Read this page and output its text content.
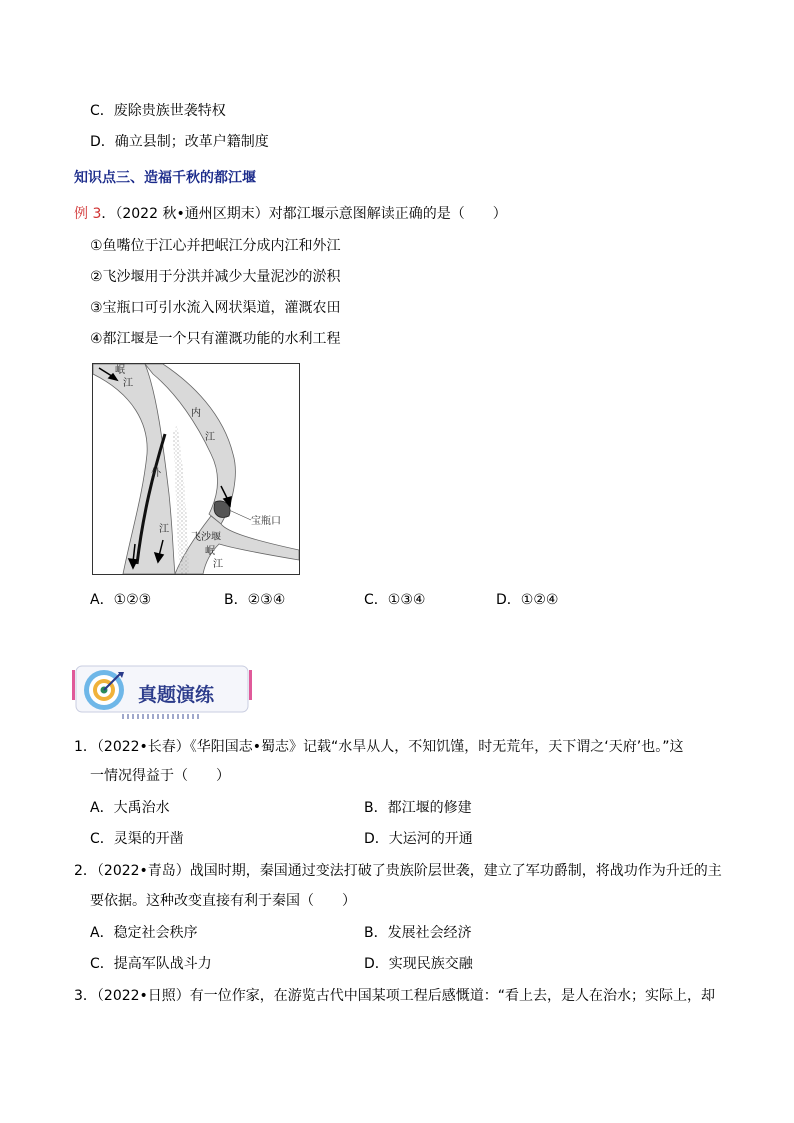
C．废除贵族世袭特权
D．确立县制；改革户籍制度
知识点三、造福千秋的都江堰
例 3．（2022 秋•通州区期末）对都江堰示意图解读正确的是（　　）
①鱼嘴位于江心并把岷江分成内江和外江
②飞沙堰用于分洪并减少大量泥沙的淤积
③宝瓶口可引水流入网状渠道，灌溉农田
④都江堰是一个只有灌溉功能的水利工程
岷
江
内
江
外
江
宝瓶口
飞沙堰
岷
江
A．①②③	B．②③④	C．①③④	D．①②④
真题演练
1．（2022•长春）《华阳国志•蜀志》记载“水旱从人，不知饥馑，时无荒年，天下谓之‘天府’也。”这
一情况得益于（　　）
A．大禹治水	B．都江堰的修建
C．灵渠的开凿	D．大运河的开通
2．（2022•青岛）战国时期，秦国通过变法打破了贵族阶层世袭，建立了军功爵制，将战功作为升迁的主
要依据。这种改变直接有利于秦国（　　）
A．稳定社会秩序	B．发展社会经济
C．提高军队战斗力	D．实现民族交融
3．（2022•日照）有一位作家，在游览古代中国某项工程后感慨道：“看上去，是人在治水；实际上，却
